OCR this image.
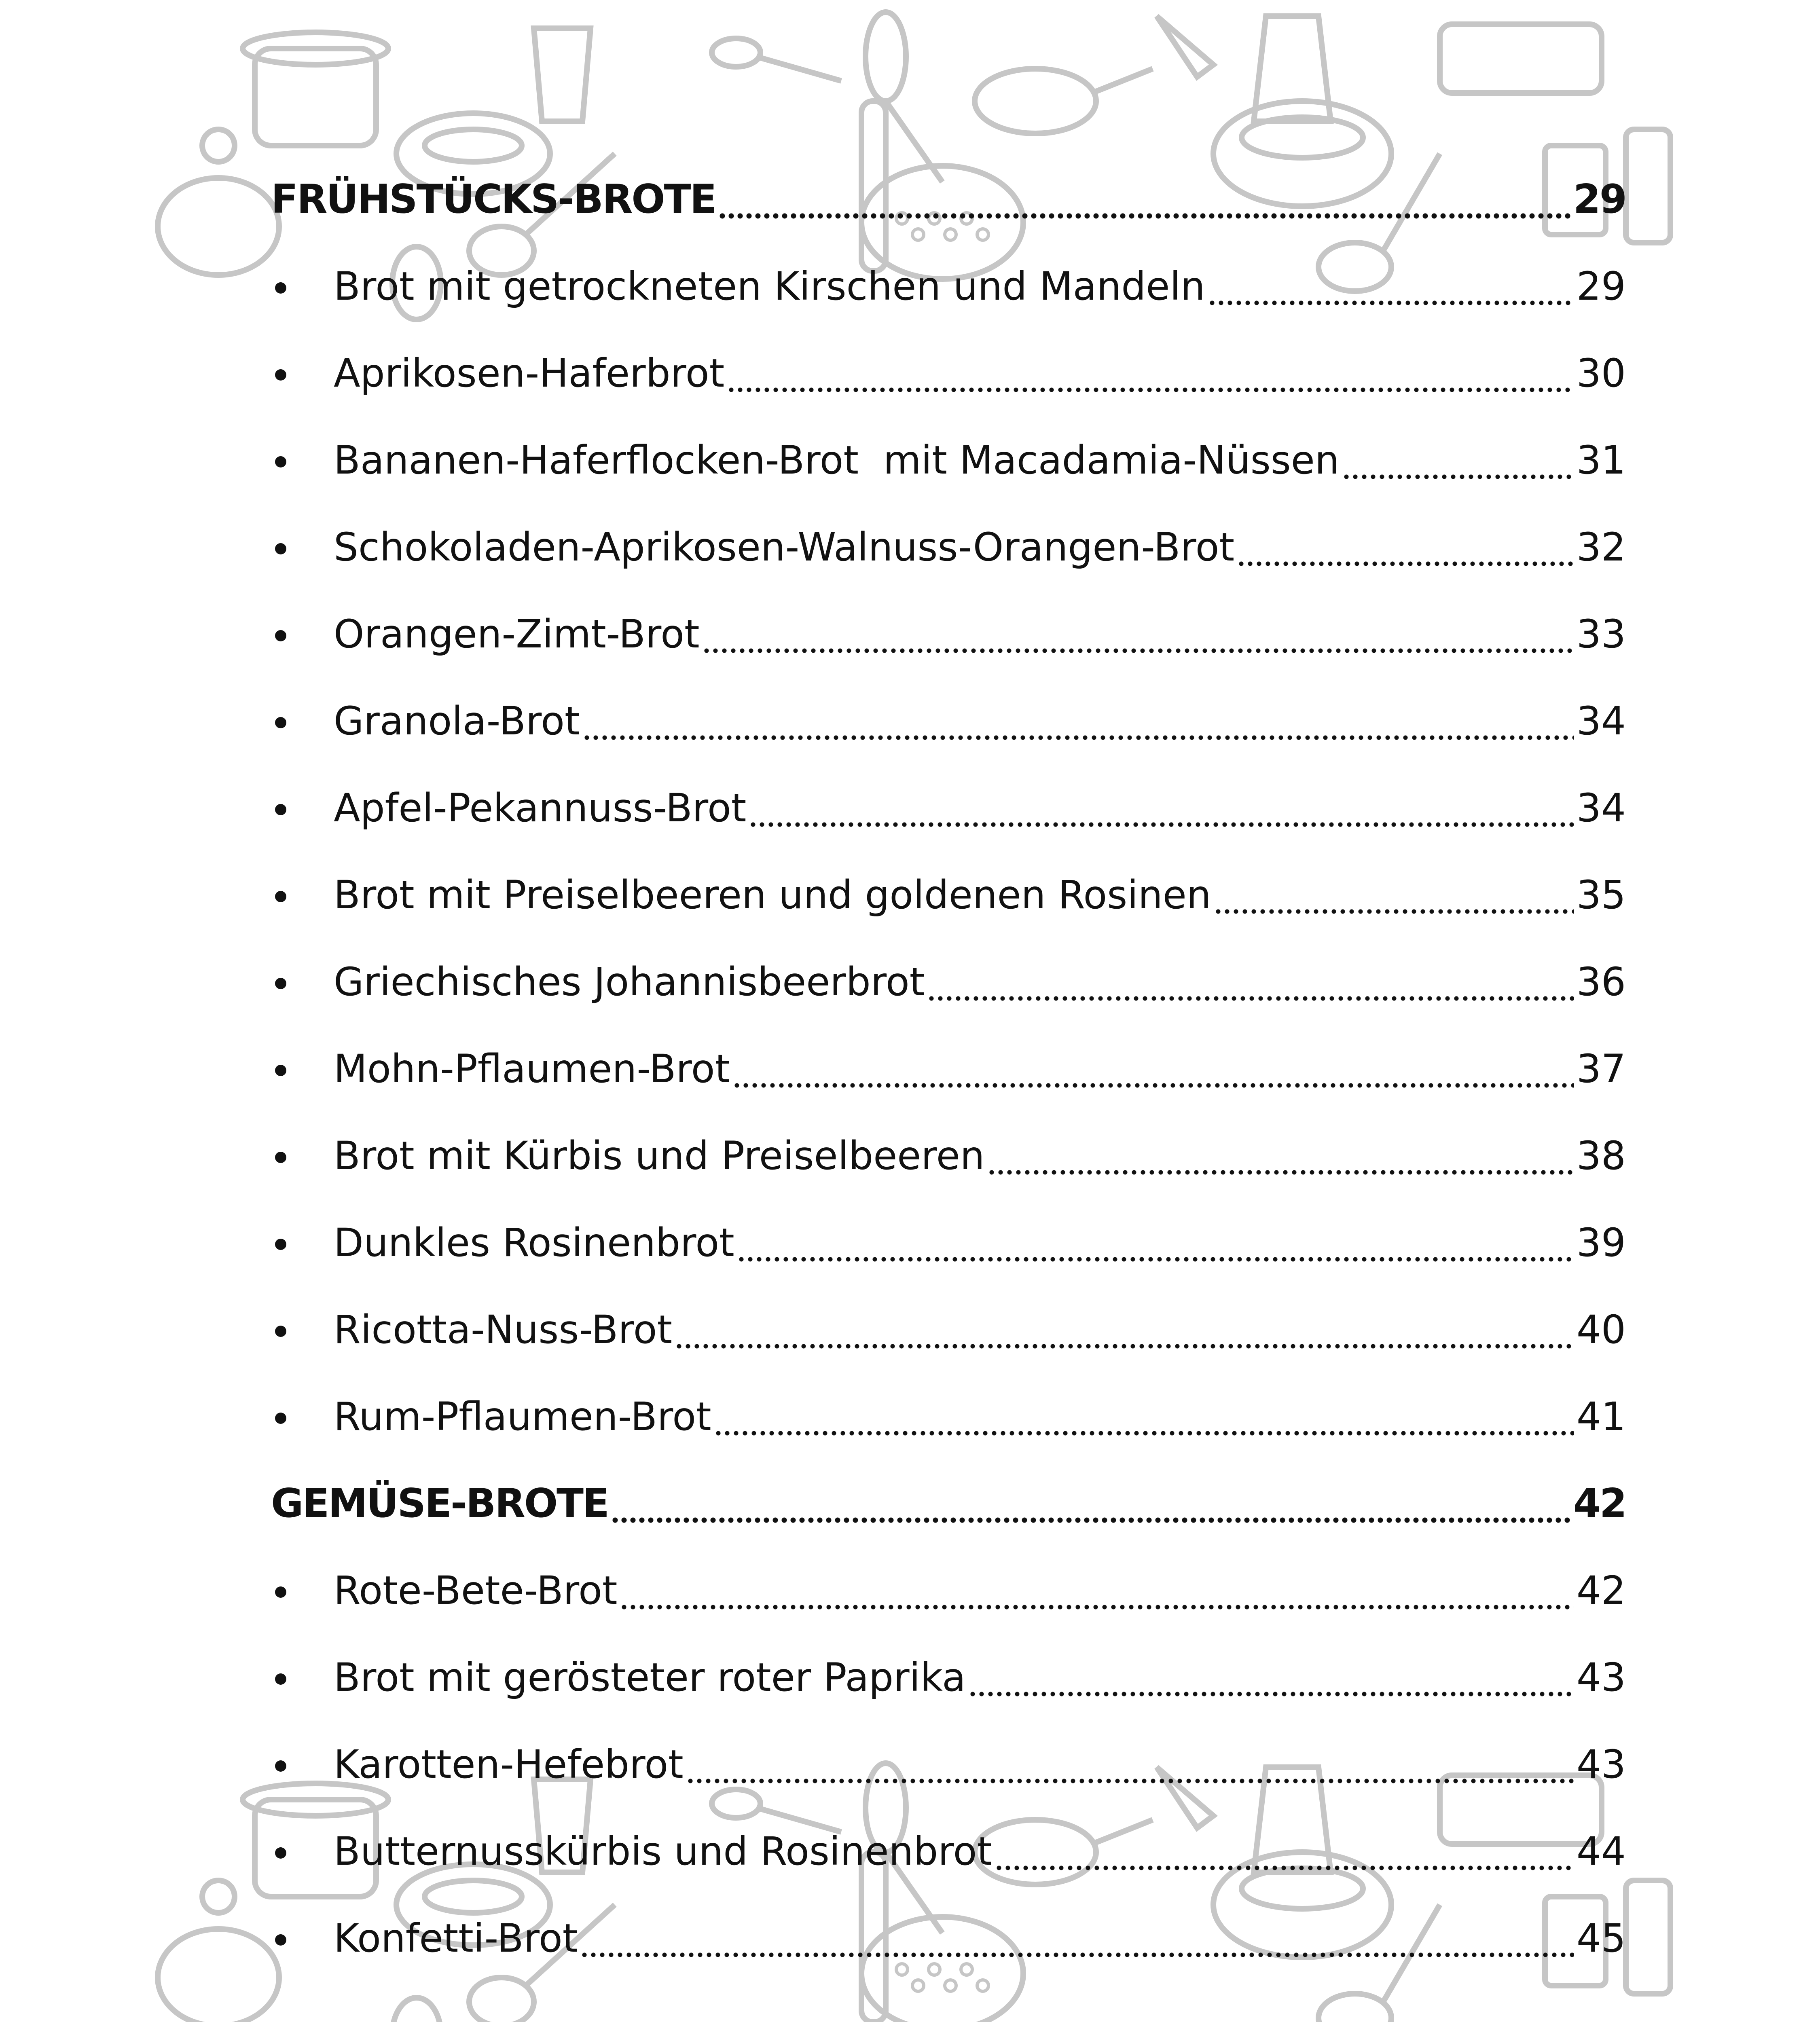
FRÜHSTÜCKS-BROTE	29
Brot mit getrockneten Kirschen und Mandeln	29
Aprikosen-Haferbrot	30
Bananen-Haferflocken-Brot  mit Macadamia-Nüssen	31
Schokoladen-Aprikosen-Walnuss-Orangen-Brot	32
Orangen-Zimt-Brot	33
Granola-Brot	34
Apfel-Pekannuss-Brot	34
Brot mit Preiselbeeren und goldenen Rosinen	35
Griechisches Johannisbeerbrot	36
Mohn-Pflaumen-Brot	37
Brot mit Kürbis und Preiselbeeren	38
Dunkles Rosinenbrot	39
Ricotta-Nuss-Brot	40
Rum-Pflaumen-Brot	41
GEMÜSE-BROTE	42
Rote-Bete-Brot	42
Brot mit gerösteter roter Paprika	43
Karotten-Hefebrot	43
Butternusskürbis und Rosinenbrot	44
Konfetti-Brot	45
